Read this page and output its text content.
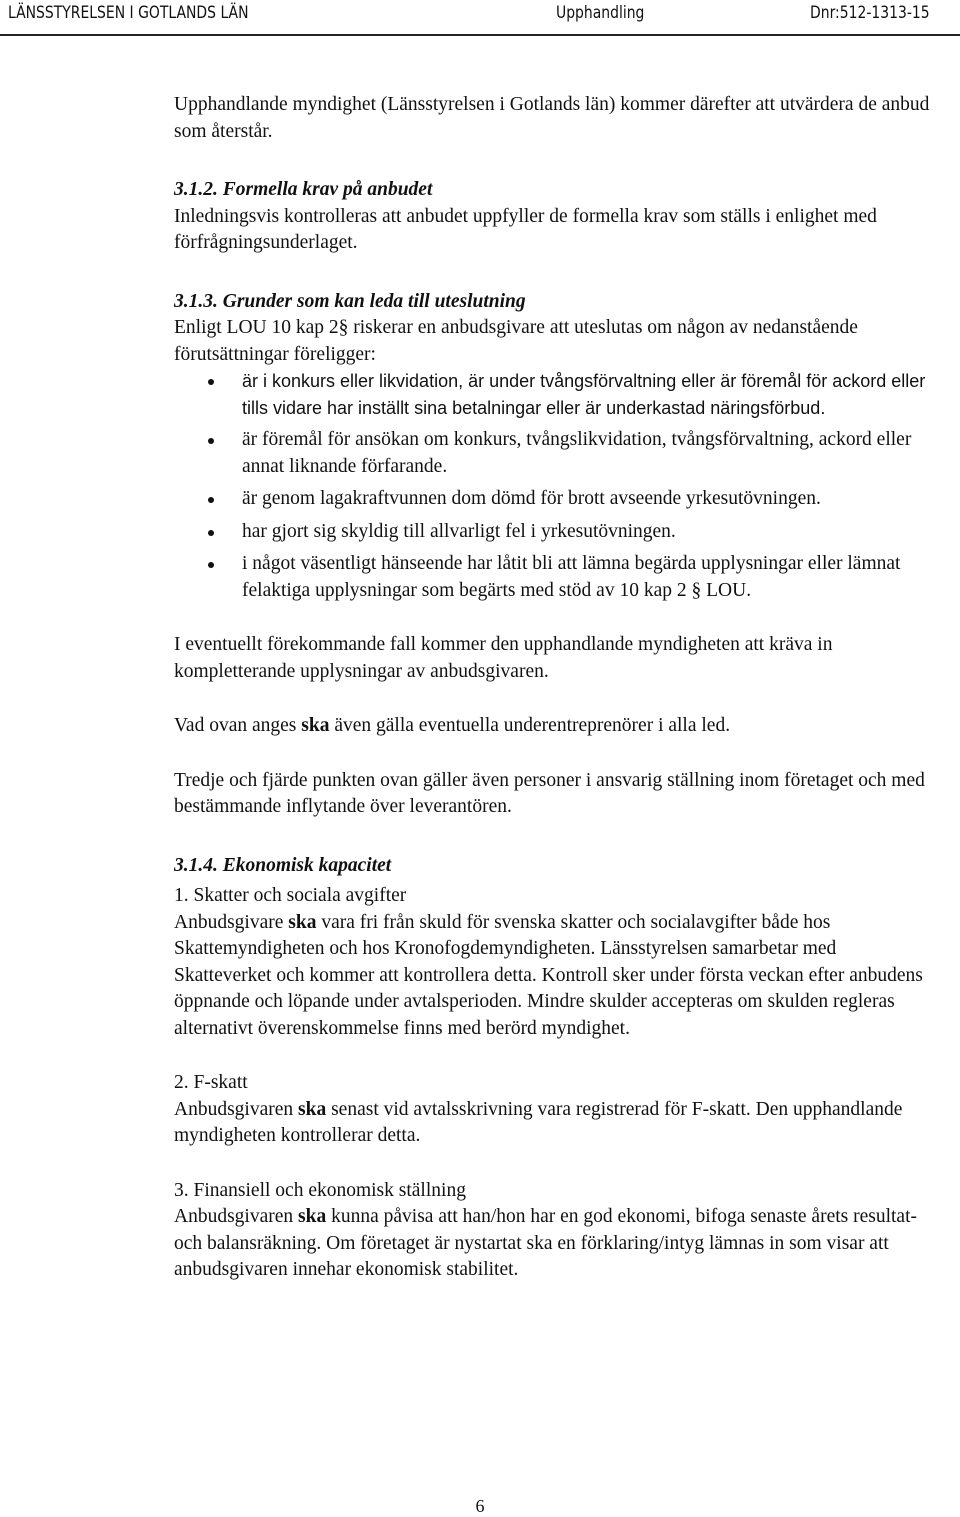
LÄNSSTYRELSEN I GOTLANDS LÄN	Upphandling	Dnr:512-1313-15

Upphandlande myndighet (Länsstyrelsen i Gotlands län) kommer därefter att utvärdera de anbud som återstår.

3.1.2. Formella krav på anbudet

Inledningsvis kontrolleras att anbudet uppfyller de formella krav som ställs i enlighet med förfrågningsunderlaget.

3.1.3. Grunder som kan leda till uteslutning

Enligt LOU 10 kap 2§ riskerar en anbudsgivare att uteslutas om någon av nedanstående förutsättningar föreligger:

är i konkurs eller likvidation, är under tvångsförvaltning eller är föremål för ackord eller tills vidare har inställt sina betalningar eller är underkastad näringsförbud.
är föremål för ansökan om konkurs, tvångslikvidation, tvångsförvaltning, ackord eller annat liknande förfarande.
är genom lagakraftvunnen dom dömd för brott avseende yrkesutövningen.
har gjort sig skyldig till allvarligt fel i yrkesutövningen.
i något väsentligt hänseende har låtit bli att lämna begärda upplysningar eller lämnat felaktiga upplysningar som begärts med stöd av 10 kap 2 § LOU.

I eventuellt förekommande fall kommer den upphandlande myndigheten att kräva in kompletterande upplysningar av anbudsgivaren.

Vad ovan anges ska även gälla eventuella underentreprenörer i alla led.

Tredje och fjärde punkten ovan gäller även personer i ansvarig ställning inom företaget och med bestämmande inflytande över leverantören.

3.1.4. Ekonomisk kapacitet

1. Skatter och sociala avgifter

Anbudsgivare ska vara fri från skuld för svenska skatter och socialavgifter både hos Skattemyndigheten och hos Kronofogdemyndigheten. Länsstyrelsen samarbetar med Skatteverket och kommer att kontrollera detta. Kontroll sker under första veckan efter anbudens öppnande och löpande under avtalsperioden. Mindre skulder accepteras om skulden regleras alternativt överenskommelse finns med berörd myndighet.

2. F-skatt

Anbudsgivaren ska senast vid avtalsskrivning vara registrerad för F-skatt. Den upphandlande myndigheten kontrollerar detta.

3. Finansiell och ekonomisk ställning

Anbudsgivaren ska kunna påvisa att han/hon har en god ekonomi, bifoga senaste årets resultat- och balansräkning. Om företaget är nystartat ska en förklaring/intyg lämnas in som visar att anbudsgivaren innehar ekonomisk stabilitet.

6
